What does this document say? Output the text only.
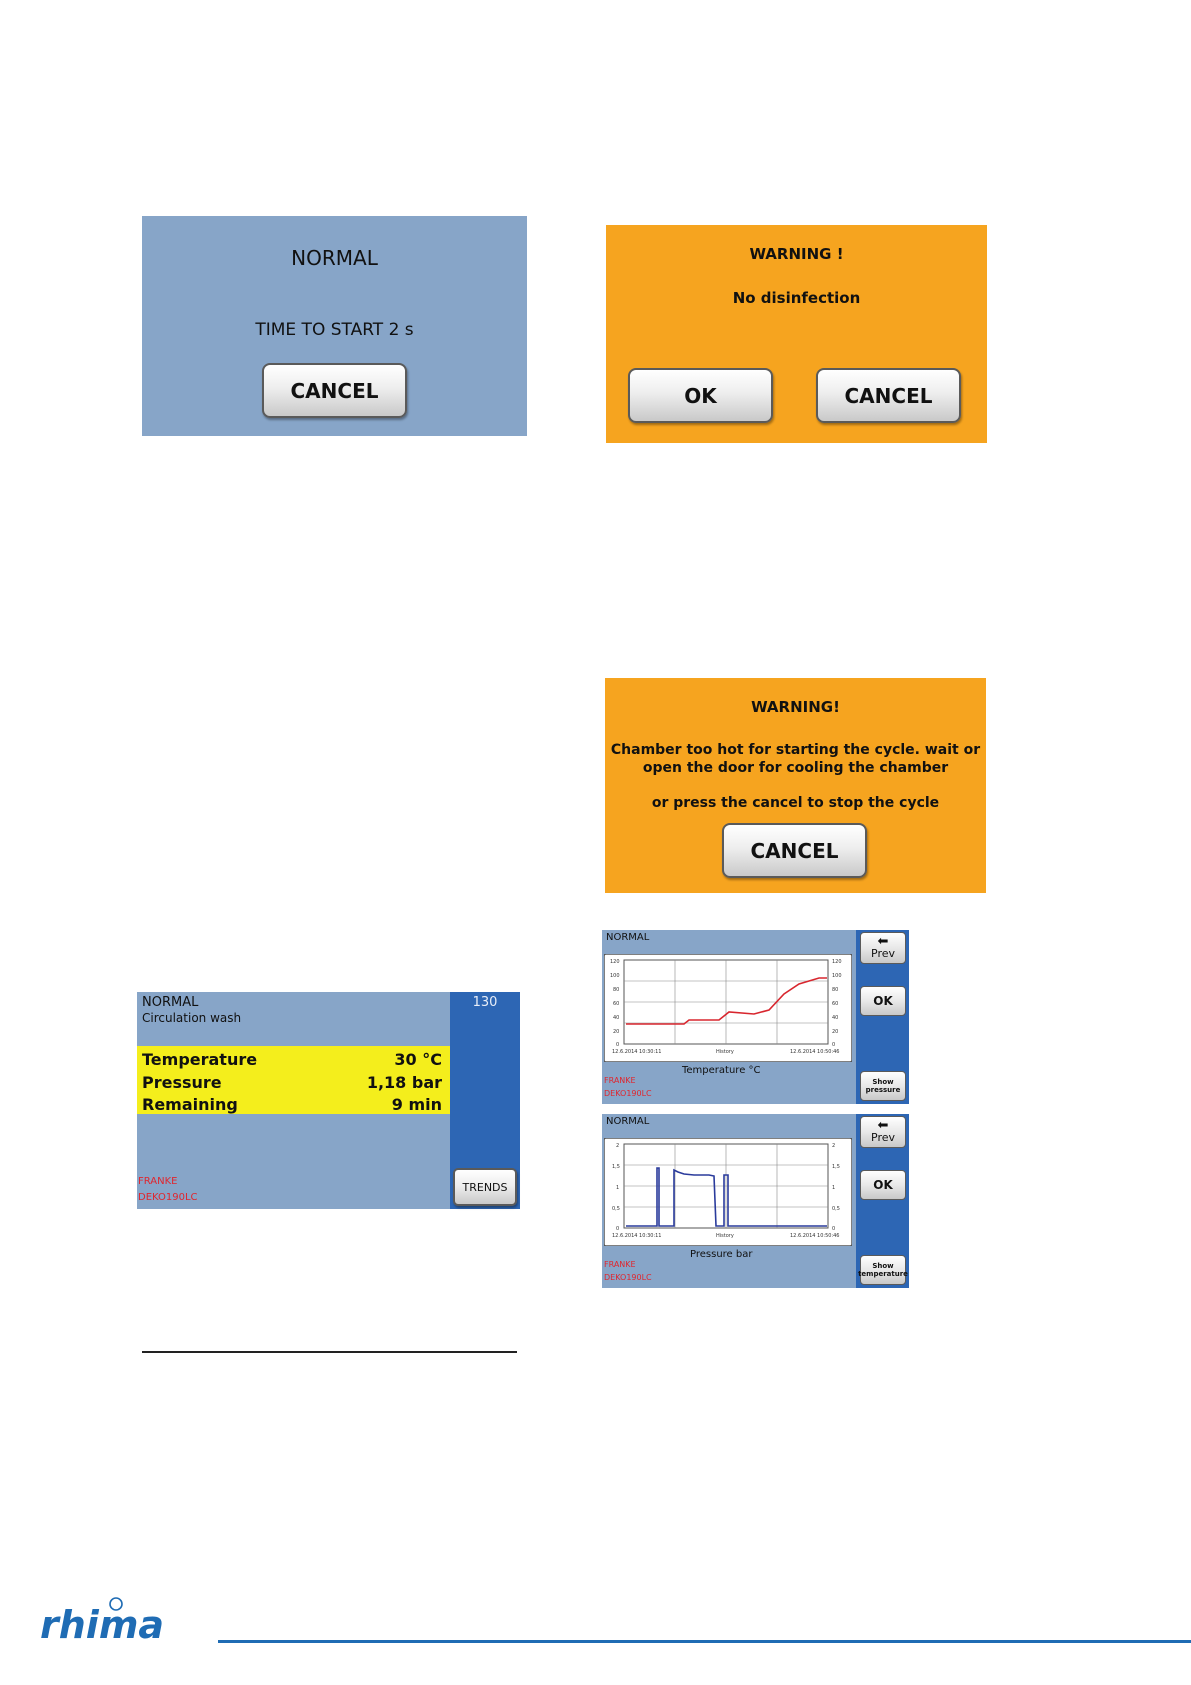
NORMAL
TIME TO START 2 s
CANCEL
WARNING !
No disinfection
OK	CANCEL
WARNING!
Chamber too hot for starting the cycle. wait or
open the door for cooling the chamber
or press the cancel to stop the cycle
CANCEL
NORMAL
Circulation wash
Temperature	30 °C
Pressure	1,18 bar
Remaining	9 min
130
TRENDS
FRANKE
DEKO190LC
NORMAL
120
100
80
60
40
20
0
120
100
80
60
40
20
0
12.6.2014 10:30:11	History	12.6.2014 10:50:46
Temperature °C
FRANKE
DEKO190LC
⬅
Prev
OK
Show
pressure
NORMAL
2
1,5
1
0,5
0
2
1,5
1
0,5
0
12.6.2014 10:30:11	History	12.6.2014 10:50:46
Pressure bar
FRANKE
DEKO190LC
⬅
Prev
OK
Show
temperature
rhima
